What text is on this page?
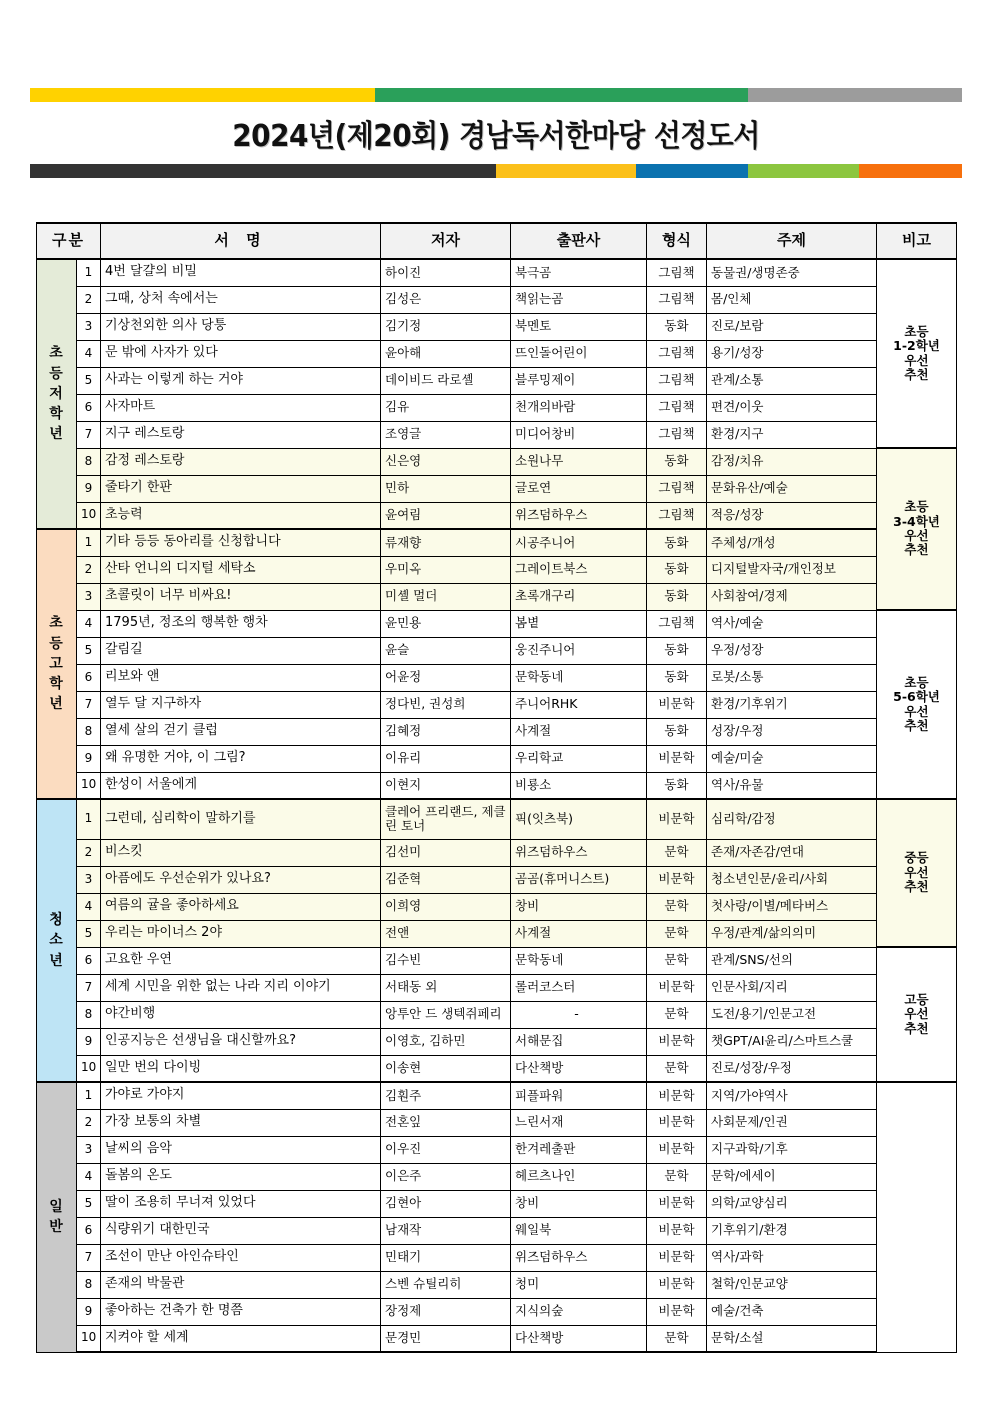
2024년(제20회) 경남독서한마당 선정도서
구분		서 명	저자	출판사	형식	주제	비고

초
등
저
학
년	1	4번 달걀의 비밀	하이진	북극곰	그림책	동물권/생명존중	초등
1-2학년
우선
추천

	2	그때, 상처 속에서는	김성은	책읽는곰	그림책	몸/인체	
	3	기상천외한 의사 당퉁	김기정	북멘토	동화	진로/보람	
	4	문 밖에 사자가 있다	윤아해	뜨인돌어린이	그림책	용기/성장	
	5	사과는 이렇게 하는 거야	데이비드 라로셸	블루밍제이	그림책	관계/소통	
	6	사자마트	김유	천개의바람	그림책	편견/이웃	
	7	지구 레스토랑	조영글	미디어창비	그림책	환경/지구	
	8	감정 레스토랑	신은영	소원나무	동화	감정/치유	초등
3-4학년
우선
추천

	9	줄타기 한판	민하	글로연	그림책	문화유산/예술	
	10	초능력	윤여림	위즈덤하우스	그림책	적응/성장	

초
등
고
학
년	1	기타 등등 동아리를 신청합니다	류재향	시공주니어	동화	주체성/개성	
	2	산타 언니의 디지털 세탁소	우미옥	그레이트북스	동화	디지털발자국/개인정보	
	3	초콜릿이 너무 비싸요!	미셸 멀더	초록개구리	동화	사회참여/경제	
	4	1795년, 정조의 행복한 행차	윤민용	봄볕	그림책	역사/예술	초등
5-6학년
우선
추천

	5	갈림길	윤슬	웅진주니어	동화	우정/성장	
	6	리보와 앤	어윤정	문학동네	동화	로봇/소통	
	7	열두 달 지구하자	정다빈, 권성희	주니어RHK	비문학	환경/기후위기	
	8	열세 살의 걷기 클럽	김혜정	사계절	동화	성장/우정	
	9	왜 유명한 거야, 이 그림?	이유리	우리학교	비문학	예술/미술	
	10	한성이 서울에게	이현지	비룡소	동화	역사/유물	

청
소
년	1	그런데, 심리학이 말하기를	클레어 프리랜드, 제클린 토너	픽(잇츠북)	비문학	심리학/감정	중등
우선
추천

	2	비스킷	김선미	위즈덤하우스	문학	존재/자존감/연대	
	3	아픔에도 우선순위가 있나요?	김준혁	곰곰(휴머니스트)	비문학	청소년인문/윤리/사회	
	4	여름의 귤을 좋아하세요	이희영	창비	문학	첫사랑/이별/메타버스	
	5	우리는 마이너스 2야	전앤	사계절	문학	우정/관계/삶의의미	
	6	고요한 우연	김수빈	문학동네	문학	관계/SNS/선의	고등
우선
추천

	7	세계 시민을 위한 없는 나라 지리 이야기	서태동 외	롤러코스터	비문학	인문사회/지리	
	8	야간비행	앙투안 드 생텍쥐페리	-	문학	도전/용기/인문고전	
	9	인공지능은 선생님을 대신할까요?	이영호, 김하민	서해문집	비문학	챗GPT/AI윤리/스마트스쿨	
	10	일만 번의 다이빙	이송현	다산책방	문학	진로/성장/우정	

일
반	1	가야로 가야지	김훤주	피플파워	비문학	지역/가야역사	
	2	가장 보통의 차별	전혼잎	느린서재	비문학	사회문제/인권	
	3	날씨의 음악	이우진	한겨레출판	비문학	지구과학/기후	
	4	돌봄의 온도	이은주	헤르츠나인	문학	문학/에세이	
	5	딸이 조용히 무너져 있었다	김현아	창비	비문학	의학/교양심리	
	6	식량위기 대한민국	남재작	웨일북	비문학	기후위기/환경	
	7	조선이 만난 아인슈타인	민태기	위즈덤하우스	비문학	역사/과학	
	8	존재의 박물관	스벤 슈틸리히	청미	비문학	철학/인문교양	
	9	좋아하는 건축가 한 명쯤	장정제	지식의숲	비문학	예술/건축	
	10	지켜야 할 세계	문경민	다산책방	문학	문학/소설	
